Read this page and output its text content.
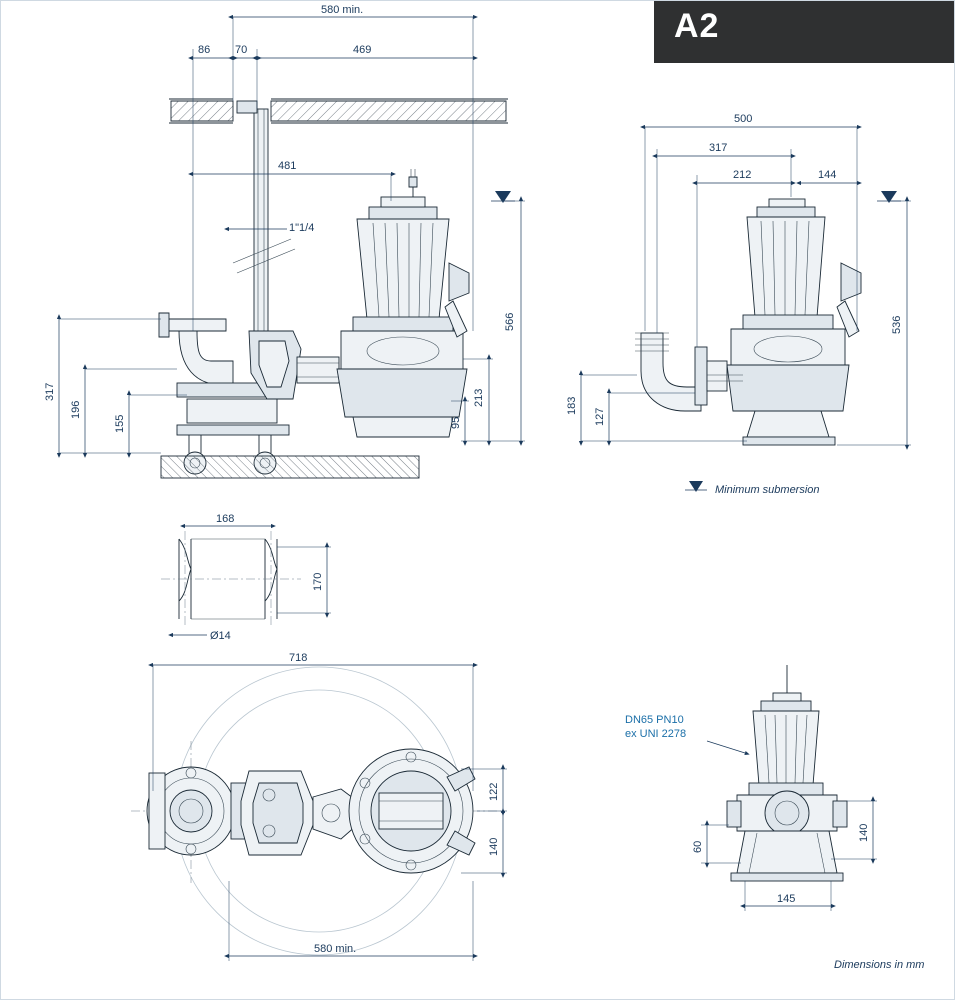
A2
580 min.
86 70	469
481
1"1/4
566
213
95
317
196
155
500
317
212	144
536
183
127
Minimum submersion
168
170
Ø14
718
122
140
580 min.
DN65 PN10
ex UNI 2278
140
60
145
Dimensions in mm
